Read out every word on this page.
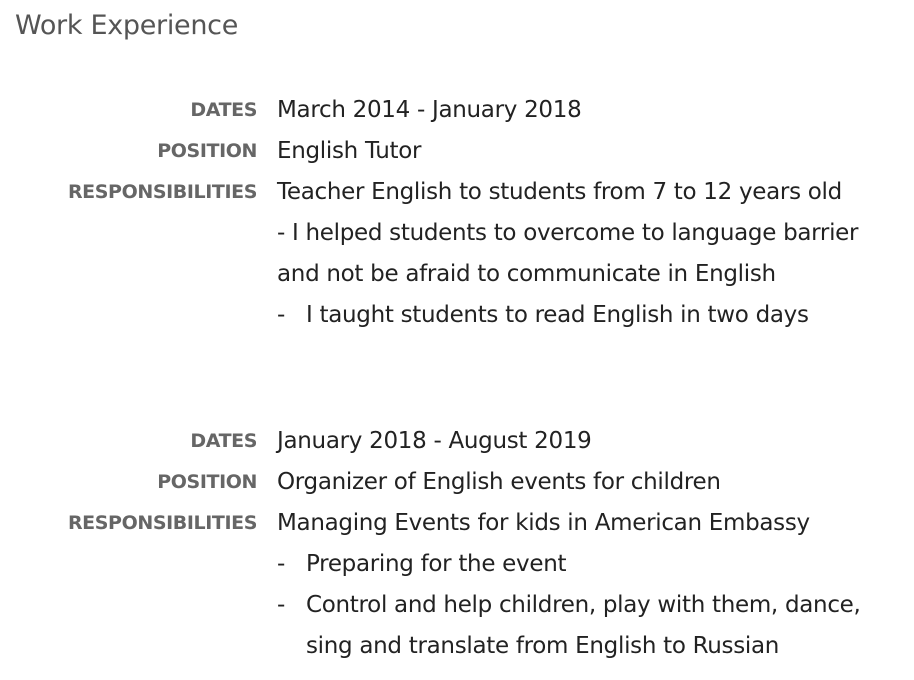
Work Experience
DATES March 2014 - January 2018
POSITION English Tutor
RESPONSIBILITIES Teacher English to students from 7 to 12 years old
- I helped students to overcome to language barrier
and not be afraid to communicate in English
- I taught students to read English in two days
DATES January 2018 - August 2019
POSITION Organizer of English events for children
RESPONSIBILITIES Managing Events for kids in American Embassy
- Preparing for the event
- Control and help children, play with them, dance, sing and translate from English to Russian
